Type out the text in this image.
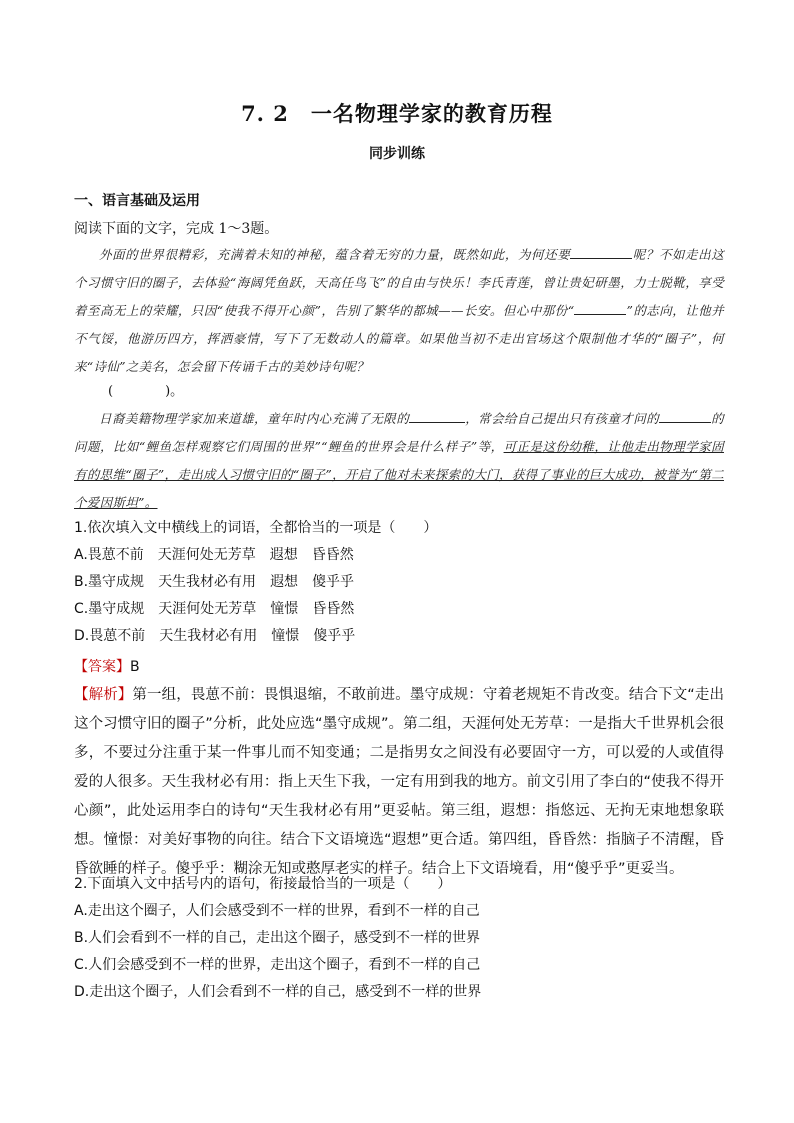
7. 2　一名物理学家的教育历程
同步训练
一、语言基础及运用
阅读下面的文字，完成 1～3题。

外面的世界很精彩，充满着未知的神秘，蕴含着无穷的力量，既然如此，为何还要	呢？不如走出这个习惯守旧的圈子，去体验“海阔凭鱼跃，天高任鸟飞”的自由与快乐！李氏青莲，曾让贵妃研墨，力士脱靴，享受着至高无上的荣耀，只因“使我不得开心颜”，告别了繁华的都城——长安。但心中那份“	”的志向，让他并不气馁，他游历四方，挥洒豪情，写下了无数动人的篇章。如果他当初不走出官场这个限制他才华的“圈子”，何来“诗仙”之美名，怎会留下传诵千古的美妙诗句呢？

(　　　　)。

日裔美籍物理学家加来道雄，童年时内心充满了无限的	，常会给自己提出只有孩童才问的	的问题，比如“鲤鱼怎样观察它们周围的世界”“鲤鱼的世界会是什么样子”等，可正是这份幼稚，让他走出物理学家固有的思维“圈子”，走出成人习惯守旧的“圈子”，开启了他对未来探索的大门，获得了事业的巨大成功，被誉为“第二个爱因斯坦”。

1.依次填入文中横线上的词语，全都恰当的一项是（　　）
A.畏葸不前 天涯何处无芳草 遐想 昏昏然
B.墨守成规 天生我材必有用 遐想 傻乎乎
C.墨守成规 天涯何处无芳草 憧憬 昏昏然
D.畏葸不前 天生我材必有用 憧憬 傻乎乎
【答案】B
【解析】第一组，畏葸不前：畏惧退缩，不敢前进。墨守成规：守着老规矩不肯改变。结合下文“走出这个习惯守旧的圈子”分析，此处应选“墨守成规”。第二组，天涯何处无芳草：一是指大千世界机会很多，不要过分注重于某一件事儿而不知变通；二是指男女之间没有必要固守一方，可以爱的人或值得爱的人很多。天生我材必有用：指上天生下我，一定有用到我的地方。前文引用了李白的“使我不得开心颜”，此处运用李白的诗句“天生我材必有用”更妥帖。第三组，遐想：指悠远、无拘无束地想象联想。憧憬：对美好事物的向往。结合下文语境选“遐想”更合适。第四组，昏昏然：指脑子不清醒，昏昏欲睡的样子。傻乎乎：糊涂无知或憨厚老实的样子。结合上下文语境看，用“傻乎乎”更妥当。
2.下面填入文中括号内的语句，衔接最恰当的一项是（　　）
A.走出这个圈子，人们会感受到不一样的世界，看到不一样的自己
B.人们会看到不一样的自己，走出这个圈子，感受到不一样的世界
C.人们会感受到不一样的世界，走出这个圈子，看到不一样的自己
D.走出这个圈子，人们会看到不一样的自己，感受到不一样的世界
